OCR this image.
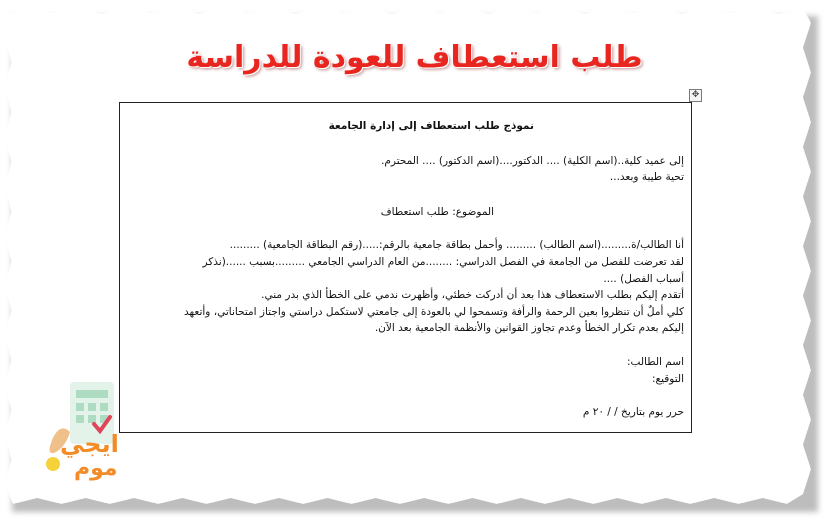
طلب استعطاف للعودة للدراسة
✥
نموذج طلب استعطاف إلى إدارة الجامعة
إلى عميد كلية..(اسم الكلية) .... الدكتور....(اسم الدكتور) .... المحترم.
تحية طيبة وبعد...
الموضوع: طلب استعطاف
أنا الطالب/ة.........(اسم الطالب) ......... وأحمل بطاقة جامعية بالرقم:.....(رقم البطاقة الجامعية) .........
لقد تعرضت للفصل من الجامعة في الفصل الدراسي: ........من العام الدراسي الجامعي .........بسبب ......(نذكر
أسباب الفصل) ....
أتقدم إليكم بطلب الاستعطاف هذا بعد أن أدركت خطئي، وأظهرت ندمي على الخطأ الذي بدر مني.
كلي أملٌ أن تنظروا بعين الرحمة والرأفة وتسمحوا لي بالعودة إلى جامعتي لاستكمل دراستي واجتاز امتحاناتي، وأتعهد
إليكم بعدم تكرار الخطأ وعدم تجاوز القوانين والأنظمة الجامعية بعد الآن.
اسم الطالب:
التوقيع:
حرر يوم بتاريخ / / ٢٠ م
ايجي
موم
